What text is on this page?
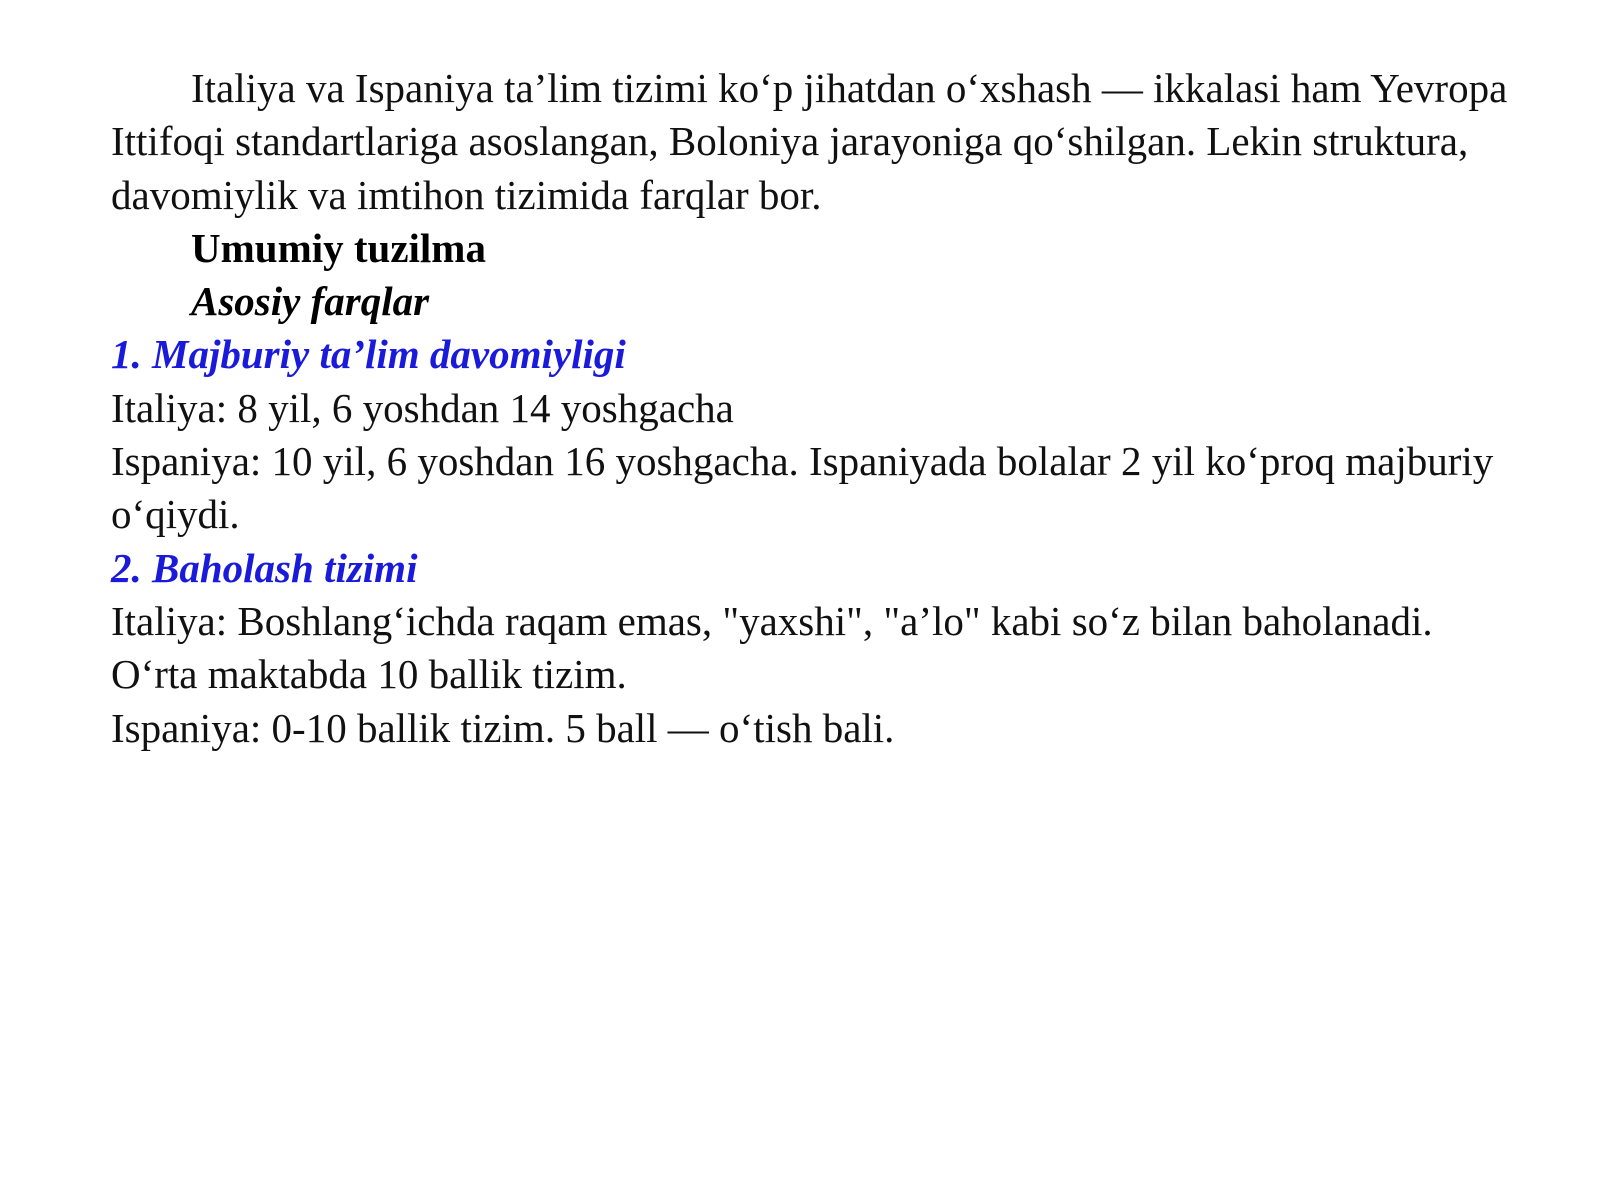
Italiya va Ispaniya ta’lim tizimi ko‘p jihatdan o‘xshash — ikkalasi ham Yevropa Ittifoqi standartlariga asoslangan, Boloniya jarayoniga qo‘shilgan. Lekin struktura, davomiylik va imtihon tizimida farqlar bor.

Umumiy tuzilma

Asosiy farqlar

1. Majburiy ta’lim davomiyligi

Italiya: 8 yil, 6 yoshdan 14 yoshgacha

Ispaniya: 10 yil, 6 yoshdan 16 yoshgacha. Ispaniyada bolalar 2 yil ko‘proq majburiy o‘qiydi.

2. Baholash tizimi

Italiya: Boshlang‘ichda raqam emas, "yaxshi", "a’lo" kabi so‘z bilan baholanadi. O‘rta maktabda 10 ballik tizim.

Ispaniya: 0-10 ballik tizim. 5 ball — o‘tish bali.
